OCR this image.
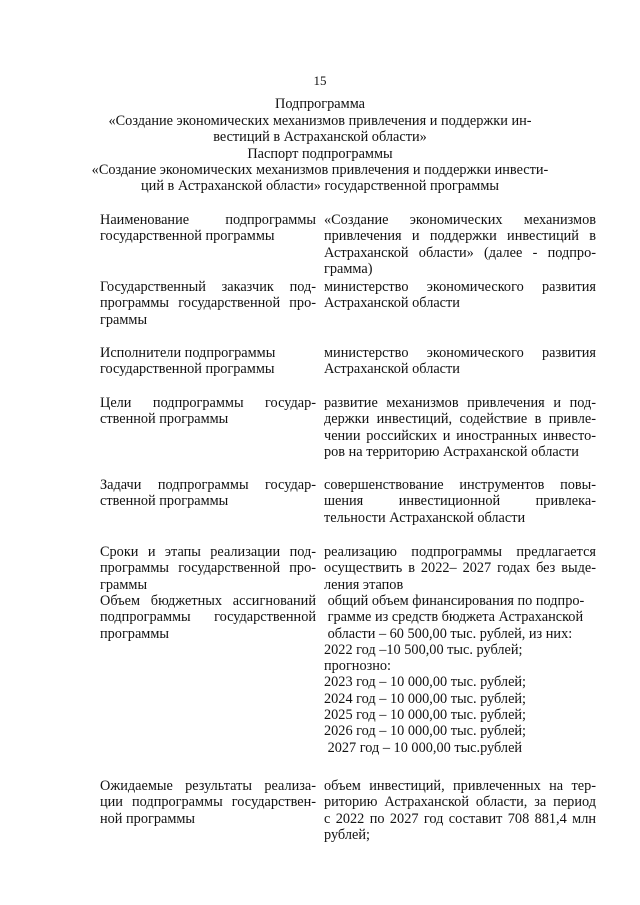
15
Подпрограмма
«Создание экономических механизмов привлечения и поддержки ин-
вестиций в Астраханской области»
Паспорт подпрограммы
«Создание экономических механизмов привлечения и поддержки инвести-
ций в Астраханской области» государственной программы
Наименование подпрограммы
государственной программы
«Создание экономических механизмов
привлечения и поддержки инвестиций в
Астраханской области» (далее - подпро-
грамма)
Государственный заказчик под-
программы государственной про-
граммы
министерство экономического развития
Астраханской области
Исполнители подпрограммы
государственной программы
министерство экономического развития
Астраханской области
Цели подпрограммы государ-
ственной программы
развитие механизмов привлечения и под-
держки инвестиций, содействие в привле-
чении российских и иностранных инвесто-
ров на территорию Астраханской области
Задачи подпрограммы государ-
ственной программы
совершенствование инструментов повы-
шения инвестиционной привлека-
тельности Астраханской области
Сроки и этапы реализации под-
программы государственной про-
граммы
реализацию подпрограммы предлагается
осуществить в 2022– 2027 годах без выде-
ления этапов
Объем бюджетных ассигнований
подпрограммы государственной
программы
общий объем финансирования по подпро-
грамме из средств бюджета Астраханской
области – 60 500,00 тыс. рублей, из них:
2022 год –10 500,00 тыс. рублей;
прогнозно:
2023 год – 10 000,00 тыс. рублей;
2024 год – 10 000,00 тыс. рублей;
2025 год – 10 000,00 тыс. рублей;
2026 год – 10 000,00 тыс. рублей;
2027 год – 10 000,00 тыс.рублей
Ожидаемые результаты реализа-
ции подпрограммы государствен-
ной программы
объем инвестиций, привлеченных на тер-
риторию Астраханской области, за период
с 2022 по 2027 год составит 708 881,4 млн
рублей;
